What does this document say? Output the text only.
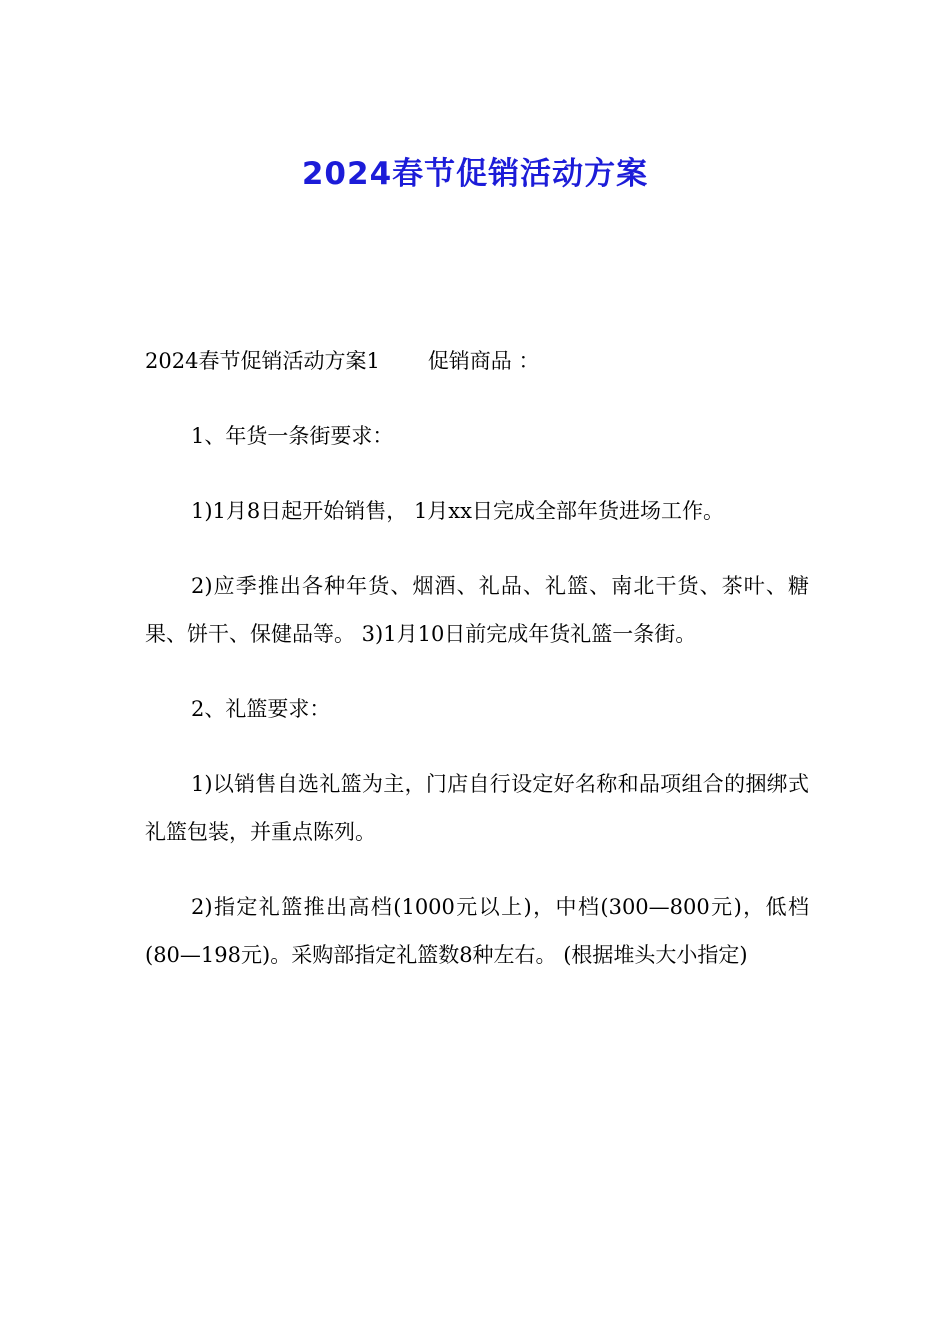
2024春节促销活动方案

2024春节促销活动方案1 促销商品 ：

1、年货一条街要求：

1)1月8日起开始销售， 1月xx日完成全部年货进场工作。

2)应季推出各种年货、烟酒、礼品、礼篮、南北干货、茶叶、糖果、饼干、保健品等。 3)1月10日前完成年货礼篮一条街。

2、礼篮要求：

1)以销售自选礼篮为主，门店自行设定好名称和品项组合的捆绑式礼篮包装，并重点陈列。

2)指定礼篮推出高档(1000元以上)，中档(300—800元)，低档(80—198元)。采购部指定礼篮数8种左右。 (根据堆头大小指定)
